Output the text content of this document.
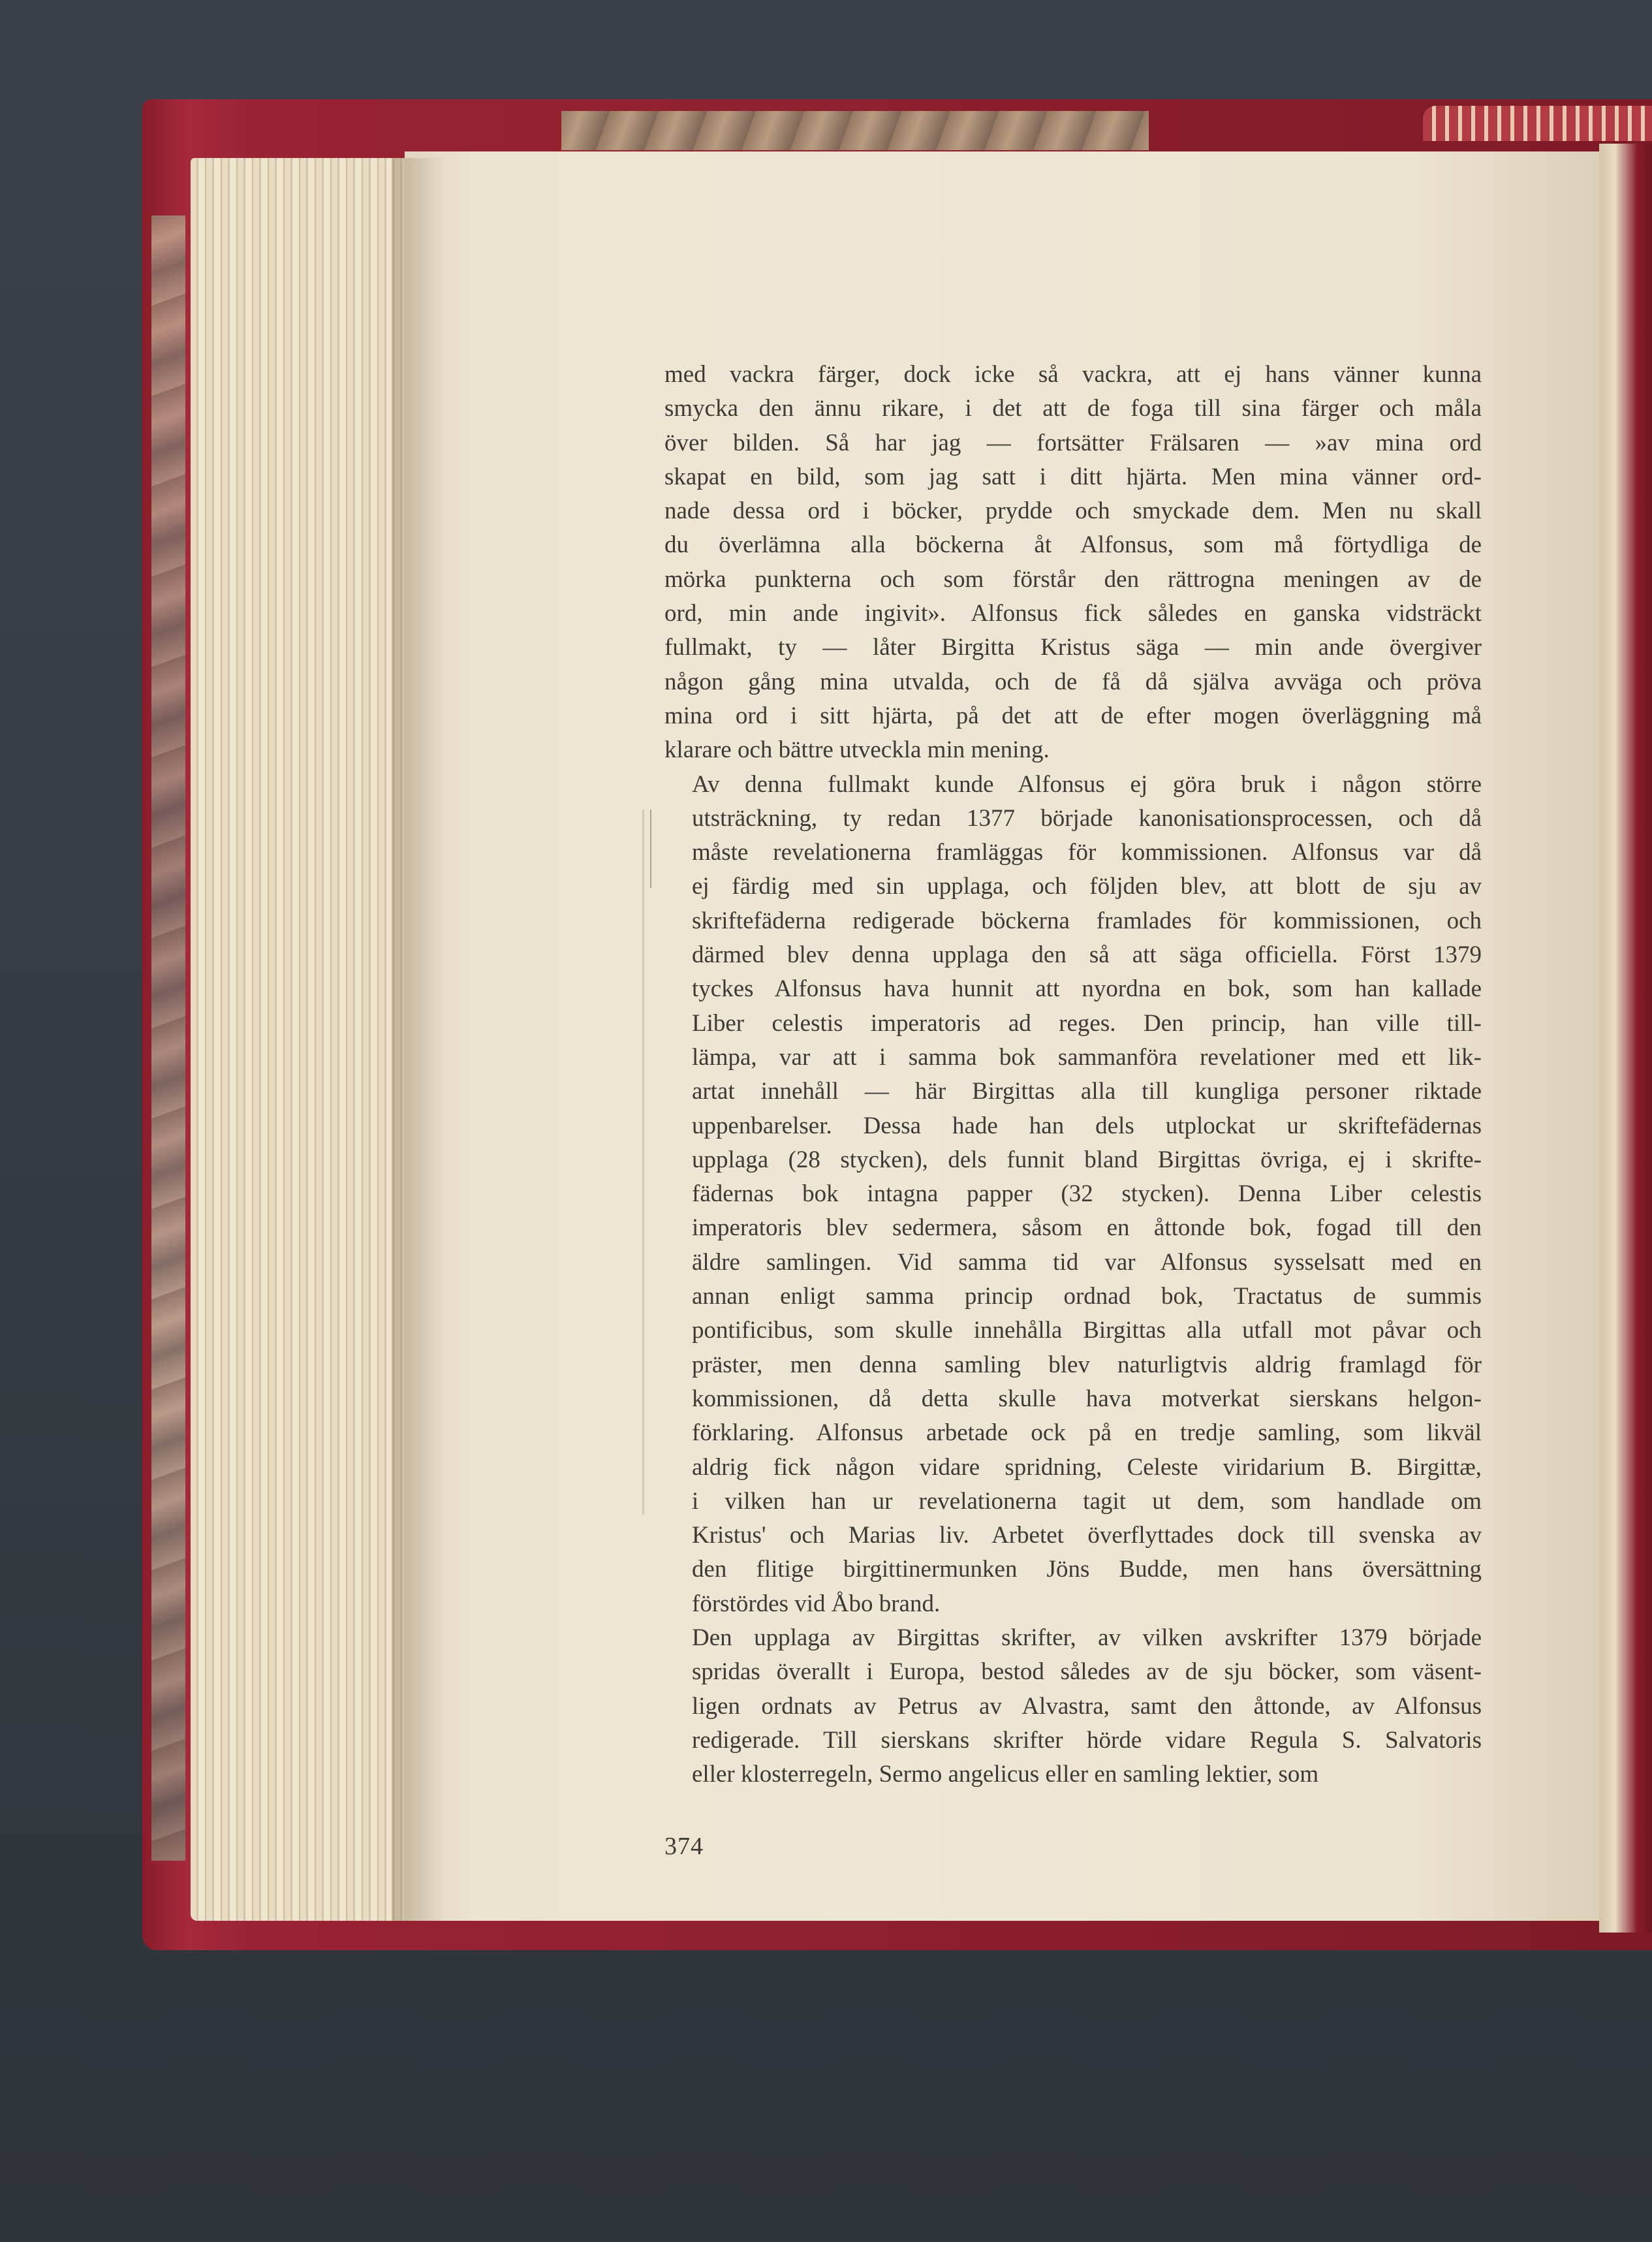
med vackra färger, dock icke så vackra, att ej hans vänner kunna
smycka den ännu rikare, i det att de foga till sina färger och måla
över bilden. Så har jag — fortsätter Frälsaren — »av mina ord
skapat en bild, som jag satt i ditt hjärta. Men mina vänner ord-
nade dessa ord i böcker, prydde och smyckade dem. Men nu skall
du överlämna alla böckerna åt Alfonsus, som må förtydliga de
mörka punkterna och som förstår den rättrogna meningen av de
ord, min ande ingivit». Alfonsus fick således en ganska vidsträckt
fullmakt, ty — låter Birgitta Kristus säga — min ande övergiver
någon gång mina utvalda, och de få då själva avväga och pröva
mina ord i sitt hjärta, på det att de efter mogen överläggning må
klarare och bättre utveckla min mening.
Av denna fullmakt kunde Alfonsus ej göra bruk i någon större
utsträckning, ty redan 1377 började kanonisationsprocessen, och då
måste revelationerna framläggas för kommissionen. Alfonsus var då
ej färdig med sin upplaga, och följden blev, att blott de sju av
skriftefäderna redigerade böckerna framlades för kommissionen, och
därmed blev denna upplaga den så att säga officiella. Först 1379
tyckes Alfonsus hava hunnit att nyordna en bok, som han kallade
Liber celestis imperatoris ad reges. Den princip, han ville till-
lämpa, var att i samma bok sammanföra revelationer med ett lik-
artat innehåll — här Birgittas alla till kungliga personer riktade
uppenbarelser. Dessa hade han dels utplockat ur skriftefädernas
upplaga (28 stycken), dels funnit bland Birgittas övriga, ej i skrifte-
fädernas bok intagna papper (32 stycken). Denna Liber celestis
imperatoris blev sedermera, såsom en åttonde bok, fogad till den
äldre samlingen. Vid samma tid var Alfonsus sysselsatt med en
annan enligt samma princip ordnad bok, Tractatus de summis
pontificibus, som skulle innehålla Birgittas alla utfall mot påvar och
präster, men denna samling blev naturligtvis aldrig framlagd för
kommissionen, då detta skulle hava motverkat sierskans helgon-
förklaring. Alfonsus arbetade ock på en tredje samling, som likväl
aldrig fick någon vidare spridning, Celeste viridarium B. Birgittæ,
i vilken han ur revelationerna tagit ut dem, som handlade om
Kristus' och Marias liv. Arbetet överflyttades dock till svenska av
den flitige birgittinermunken Jöns Budde, men hans översättning
förstördes vid Åbo brand.
Den upplaga av Birgittas skrifter, av vilken avskrifter 1379 började
spridas överallt i Europa, bestod således av de sju böcker, som väsent-
ligen ordnats av Petrus av Alvastra, samt den åttonde, av Alfonsus
redigerade. Till sierskans skrifter hörde vidare Regula S. Salvatoris
eller klosterregeln, Sermo angelicus eller en samling lektier, som
374
